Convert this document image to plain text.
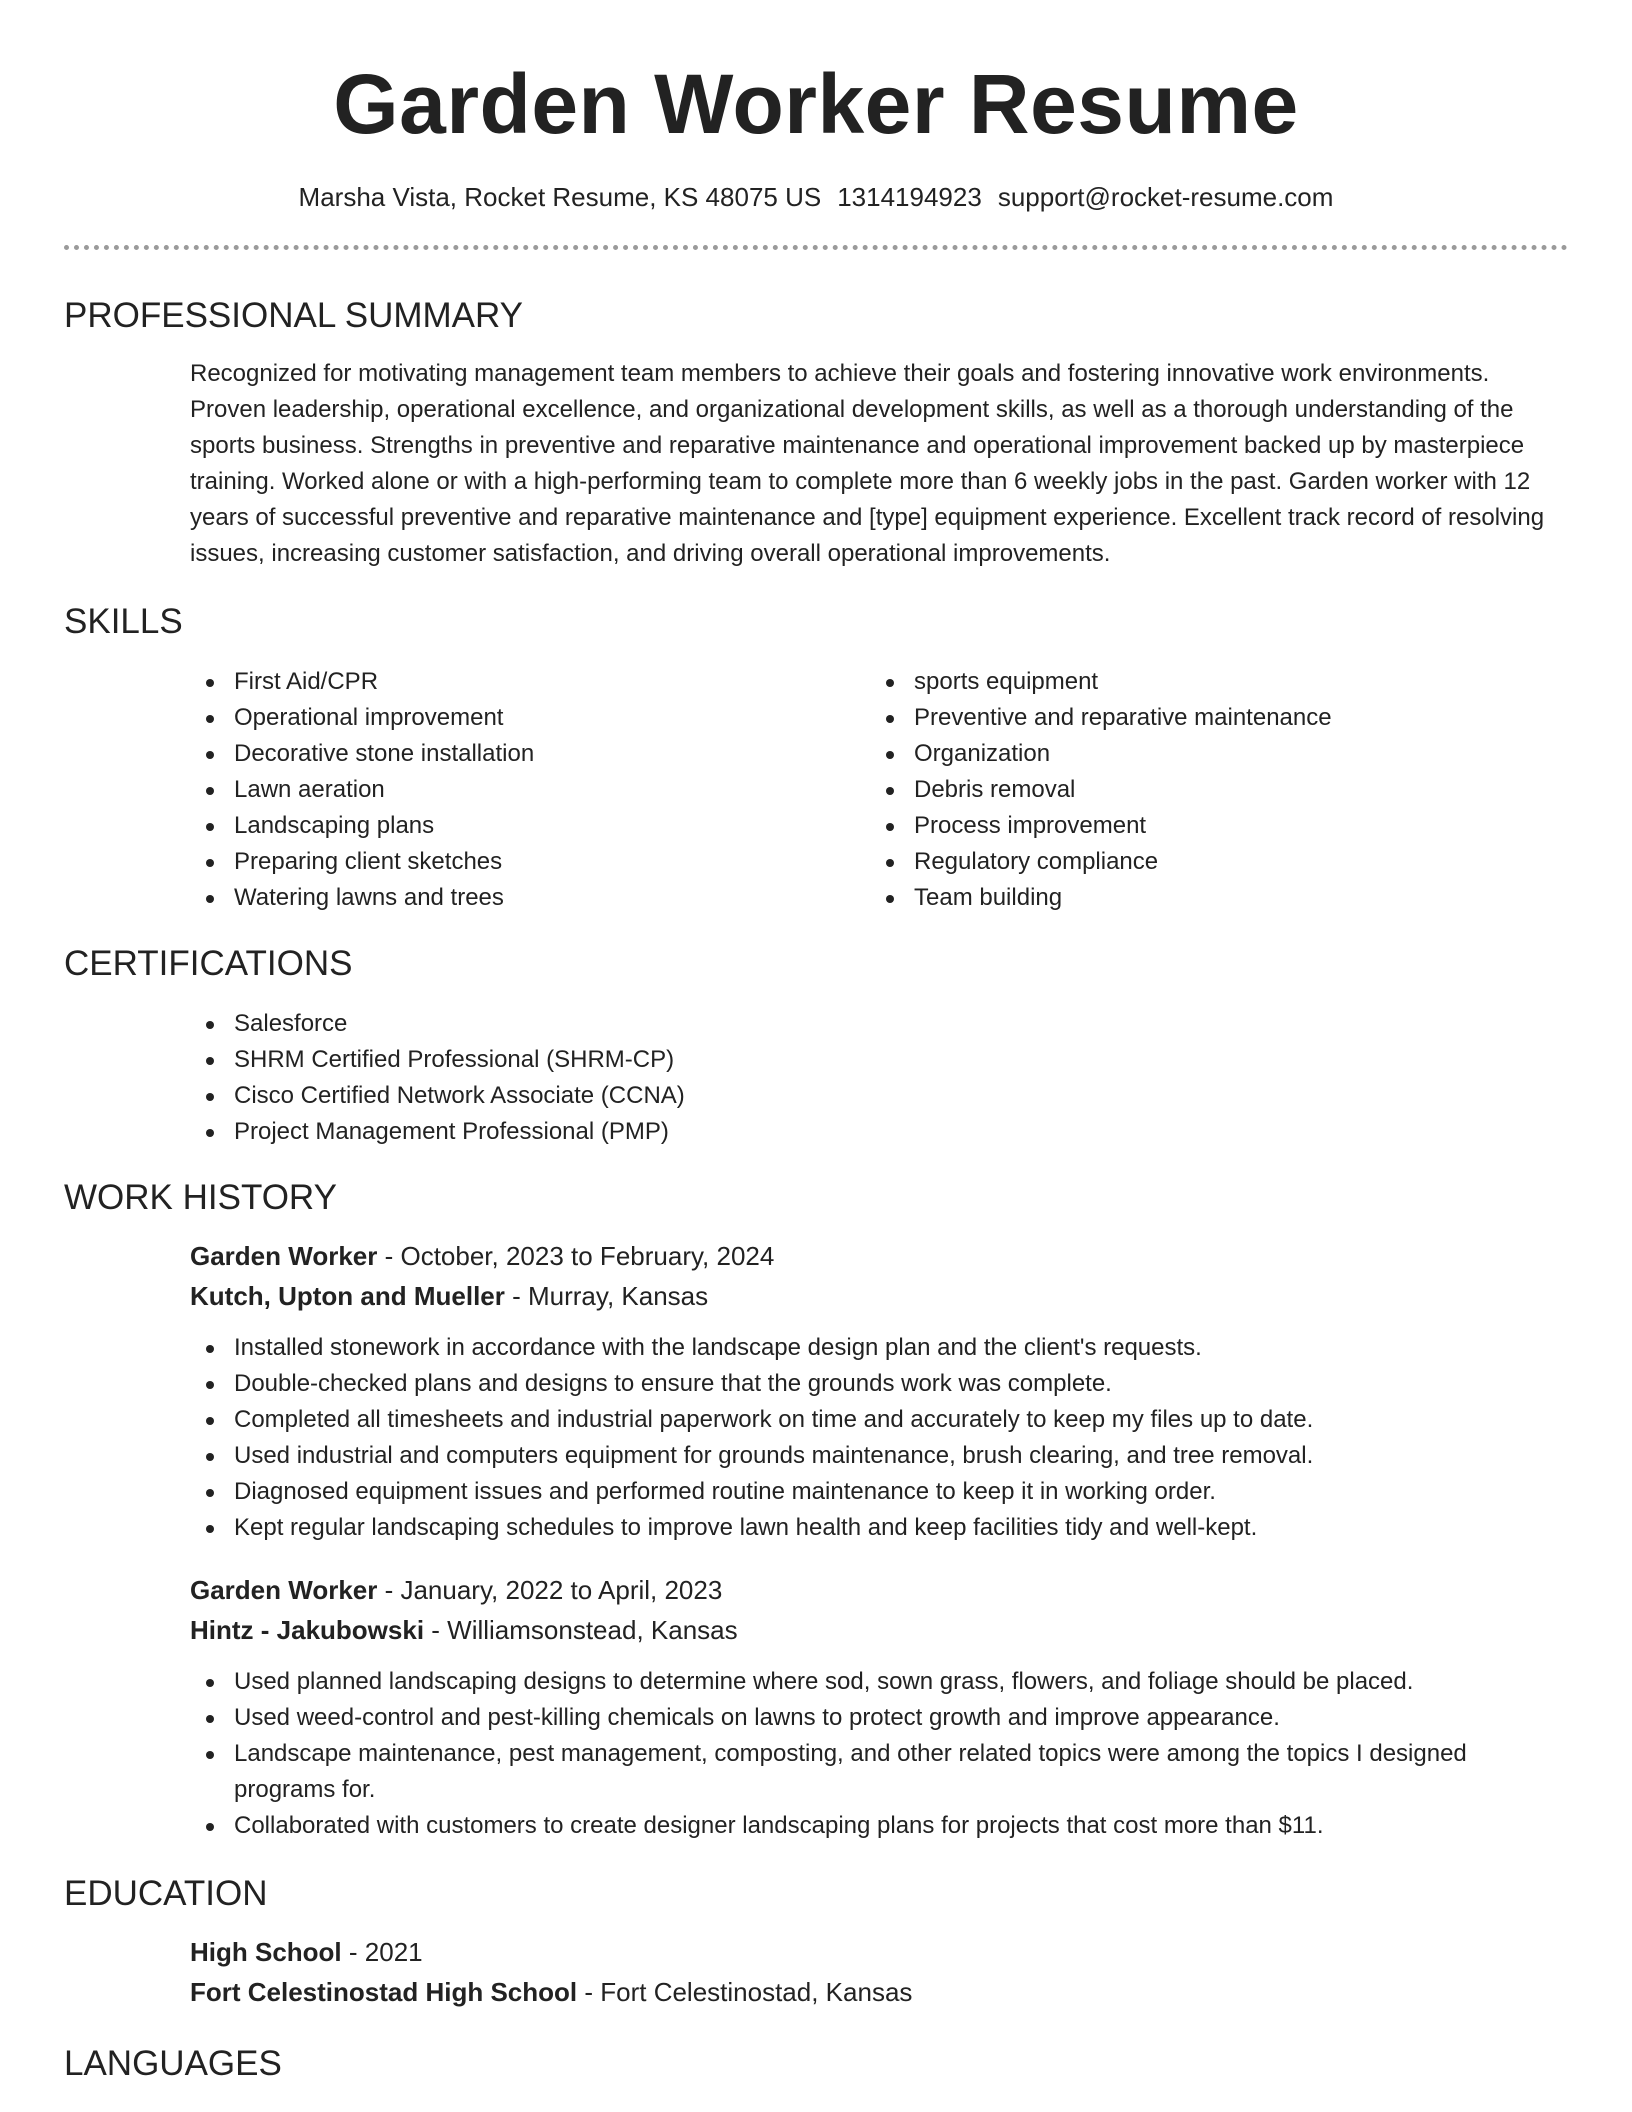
Garden Worker Resume
Marsha Vista, Rocket Resume, KS 48075 US 1314194923 support@rocket-resume.com
PROFESSIONAL SUMMARY

Recognized for motivating management team members to achieve their goals and fostering innovative work environments. Proven leadership, operational excellence, and organizational development skills, as well as a thorough understanding of the sports business. Strengths in preventive and reparative maintenance and operational improvement backed up by masterpiece training. Worked alone or with a high-performing team to complete more than 6 weekly jobs in the past. Garden worker with 12 years of successful preventive and reparative maintenance and [type] equipment experience. Excellent track record of resolving issues, increasing customer satisfaction, and driving overall operational improvements.

SKILLS
First Aid/CPR
Operational improvement
Decorative stone installation
Lawn aeration
Landscaping plans
Preparing client sketches
Watering lawns and trees
sports equipment
Preventive and reparative maintenance
Organization
Debris removal
Process improvement
Regulatory compliance
Team building
CERTIFICATIONS
Salesforce
SHRM Certified Professional (SHRM-CP)
Cisco Certified Network Associate (CCNA)
Project Management Professional (PMP)
WORK HISTORY
Garden Worker - October, 2023 to February, 2024
Kutch, Upton and Mueller - Murray, Kansas
Installed stonework in accordance with the landscape design plan and the client's requests.
Double-checked plans and designs to ensure that the grounds work was complete.
Completed all timesheets and industrial paperwork on time and accurately to keep my files up to date.
Used industrial and computers equipment for grounds maintenance, brush clearing, and tree removal.
Diagnosed equipment issues and performed routine maintenance to keep it in working order.
Kept regular landscaping schedules to improve lawn health and keep facilities tidy and well-kept.
Garden Worker - January, 2022 to April, 2023
Hintz - Jakubowski - Williamsonstead, Kansas
Used planned landscaping designs to determine where sod, sown grass, flowers, and foliage should be placed.
Used weed-control and pest-killing chemicals on lawns to protect growth and improve appearance.
Landscape maintenance, pest management, composting, and other related topics were among the topics I designed programs for.
Collaborated with customers to create designer landscaping plans for projects that cost more than $11.
EDUCATION
High School - 2021
Fort Celestinostad High School - Fort Celestinostad, Kansas
LANGUAGES
